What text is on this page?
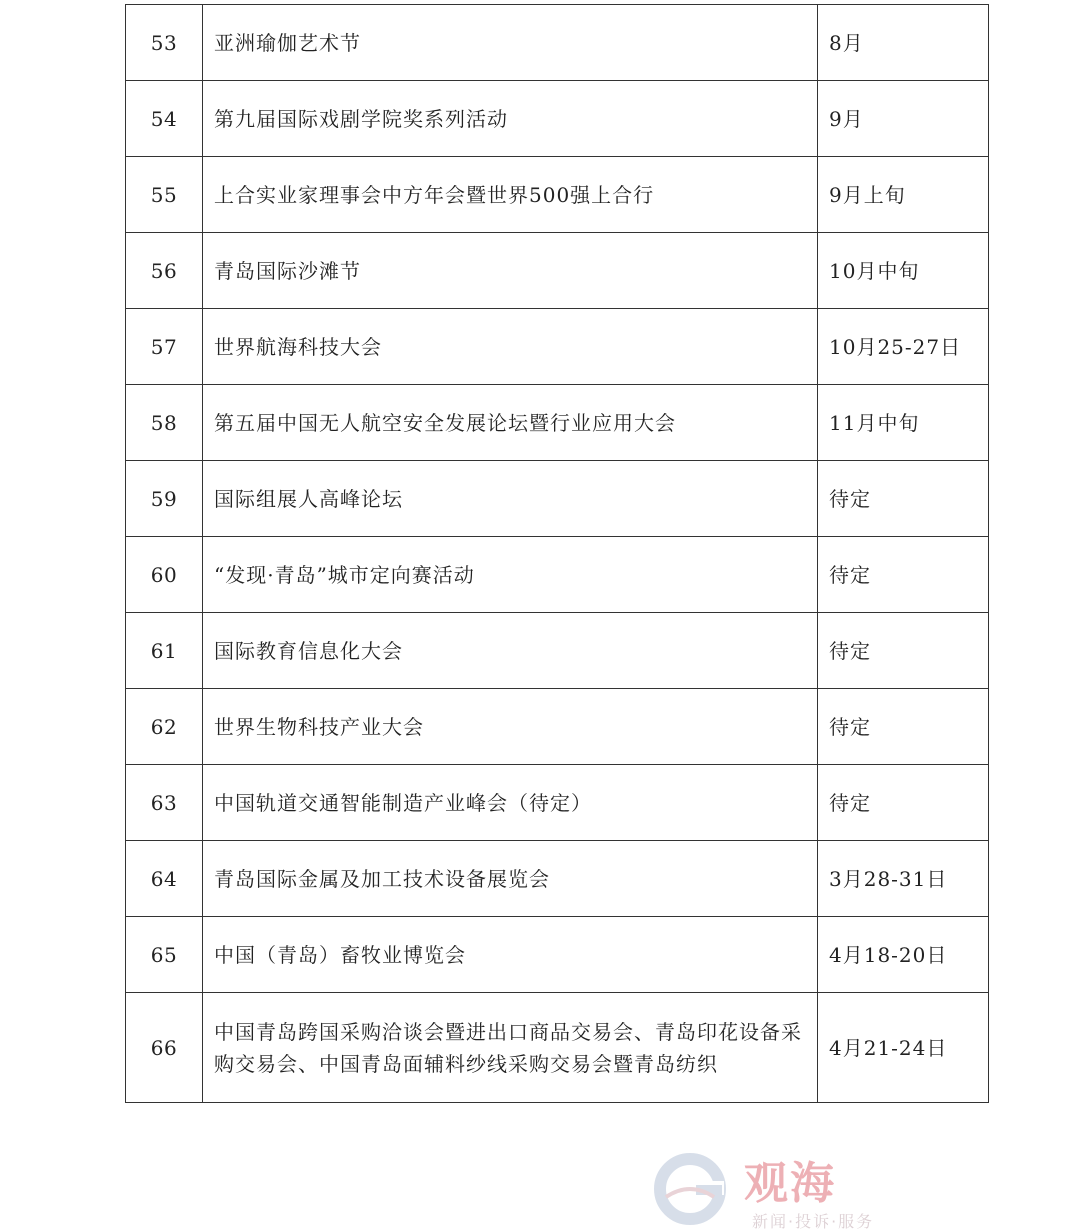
53	亚洲瑜伽艺术节	8月
54	第九届国际戏剧学院奖系列活动	9月
55	上合实业家理事会中方年会暨世界500强上合行	9月上旬
56	青岛国际沙滩节	10月中旬
57	世界航海科技大会	10月25-27日
58	第五届中国无人航空安全发展论坛暨行业应用大会	11月中旬
59	国际组展人高峰论坛	待定
60	“发现·青岛”城市定向赛活动	待定
61	国际教育信息化大会	待定
62	世界生物科技产业大会	待定
63	中国轨道交通智能制造产业峰会（待定）	待定
64	青岛国际金属及加工技术设备展览会	3月28-31日
65	中国（青岛）畜牧业博览会	4月18-20日
66	中国青岛跨国采购洽谈会暨进出口商品交易会、青岛印花设备采购交易会、中国青岛面辅料纱线采购交易会暨青岛纺织	4月21-24日
观海
新闻·投诉·服务
